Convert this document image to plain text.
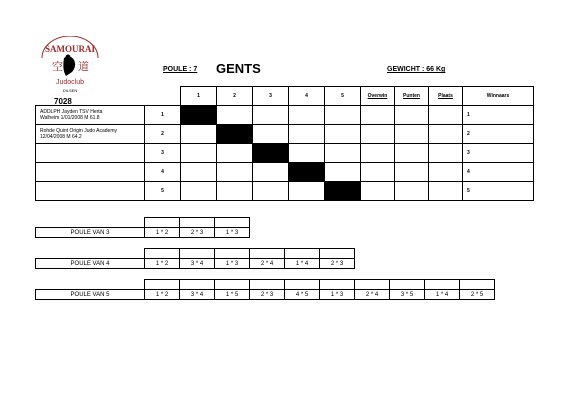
SAMOURAI
空 道
Judoclub
DILSEN
7028
POULE : 7 GENTS	GEWICHT : 66 Kg
		1	2	3	4	5	Overwin	Punten	Plaats	Winnaars

ADDLPH Jayden TSV Herta
Walheim 1/01/2008 M 61.8	1									1

Rohde Quint Origin Judo Academy
12/04/2008 M 64.2	2									2

	3									3

	4									4

	5									5

POULE VAN 3	1 * 2	2 * 3	1 * 3

POULE VAN 4	1 * 2	3 * 4	1 * 3	2 * 4	1 * 4	2 * 3

POULE VAN 5	1 * 2	3 * 4	1 * 5	2 * 3	4 * 5	1 * 3	2 * 4	3 * 5	1 * 4	2 * 5
